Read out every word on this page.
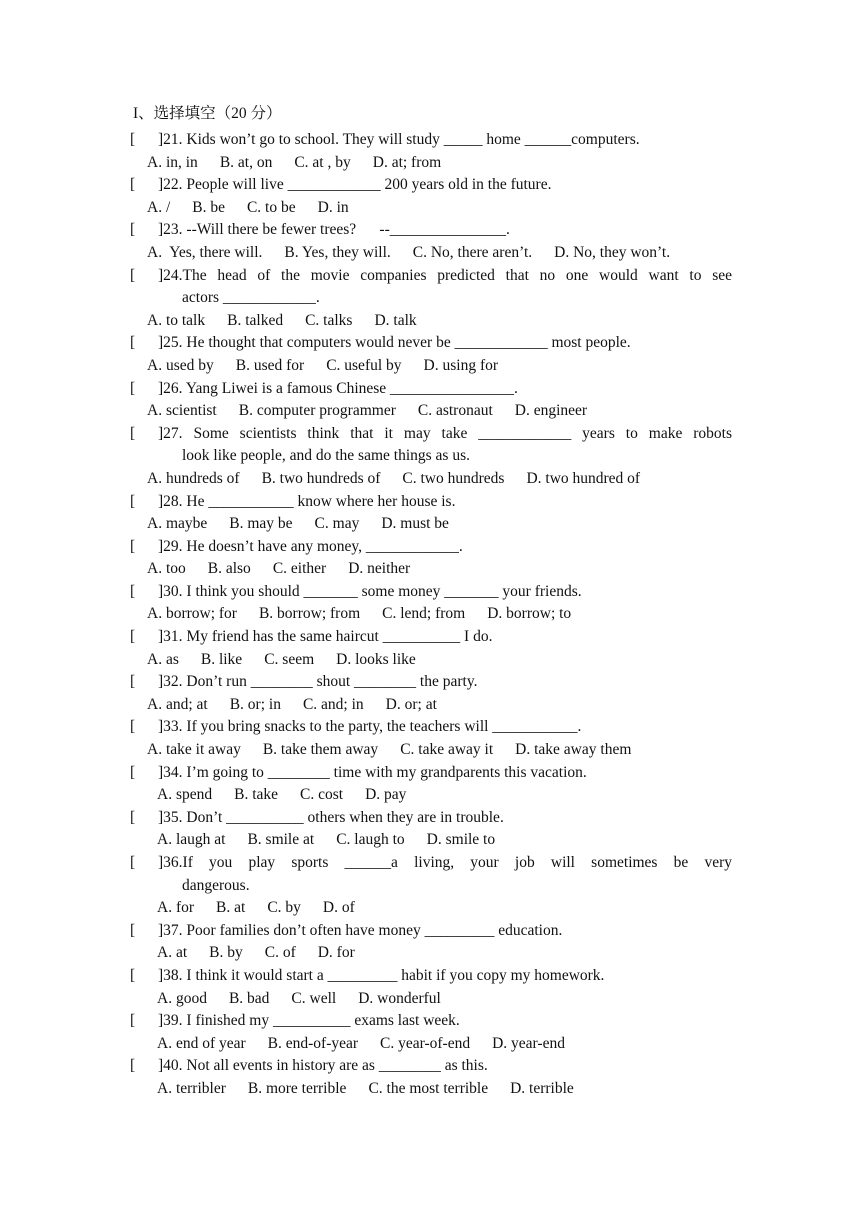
I、选择填空（20 分）
[	]21. Kids won’t go to school. They will study _____ home ______computers.
A. in, in B. at, on C. at , by D. at; from
[	]22. People will live ____________ 200 years old in the future.
A. / B. be C. to be D. in
[	]23. --Will there be fewer trees?      --_______________.
A.  Yes, there will. B. Yes, they will. C. No, there aren’t. D. No, they won’t.
[	]24.The head of the movie companies predicted that no one would want to see
actors ____________.
A. to talk B. talked C. talks D. talk
[	]25. He thought that computers would never be ____________ most people.
A. used by B. used for C. useful by D. using for
[	]26. Yang Liwei is a famous Chinese ________________.
A. scientist B. computer programmer C. astronaut D. engineer
[	]27. Some scientists think that it may take ____________ years to make robots
look like people, and do the same things as us.
A. hundreds of B. two hundreds of C. two hundreds D. two hundred of
[	]28. He ___________ know where her house is.
A. maybe B. may be C. may D. must be
[	]29. He doesn’t have any money, ____________.
A. too B. also C. either D. neither
[	]30. I think you should _______ some money _______ your friends.
A. borrow; for B. borrow; from C. lend; from D. borrow; to
[	]31. My friend has the same haircut __________ I do.
A. as B. like C. seem D. looks like
[	]32. Don’t run ________ shout ________ the party.
A. and; at B. or; in C. and; in D. or; at
[	]33. If you bring snacks to the party, the teachers will ___________.
A. take it away B. take them away C. take away it D. take away them
[	]34. I’m going to ________ time with my grandparents this vacation.
A. spend B. take C. cost D. pay
[	]35. Don’t __________ others when they are in trouble.
A. laugh at B. smile at C. laugh to D. smile to
[	]36.If you play sports ______a living, your job will sometimes be very
dangerous.
A. for B. at C. by D. of
[	]37. Poor families don’t often have money _________ education.
A. at B. by C. of D. for
[	]38. I think it would start a _________ habit if you copy my homework.
A. good B. bad C. well D. wonderful
[	]39. I finished my __________ exams last week.
A. end of year B. end-of-year C. year-of-end D. year-end
[	]40. Not all events in history are as ________ as this.
A. terribler B. more terrible C. the most terrible D. terrible
